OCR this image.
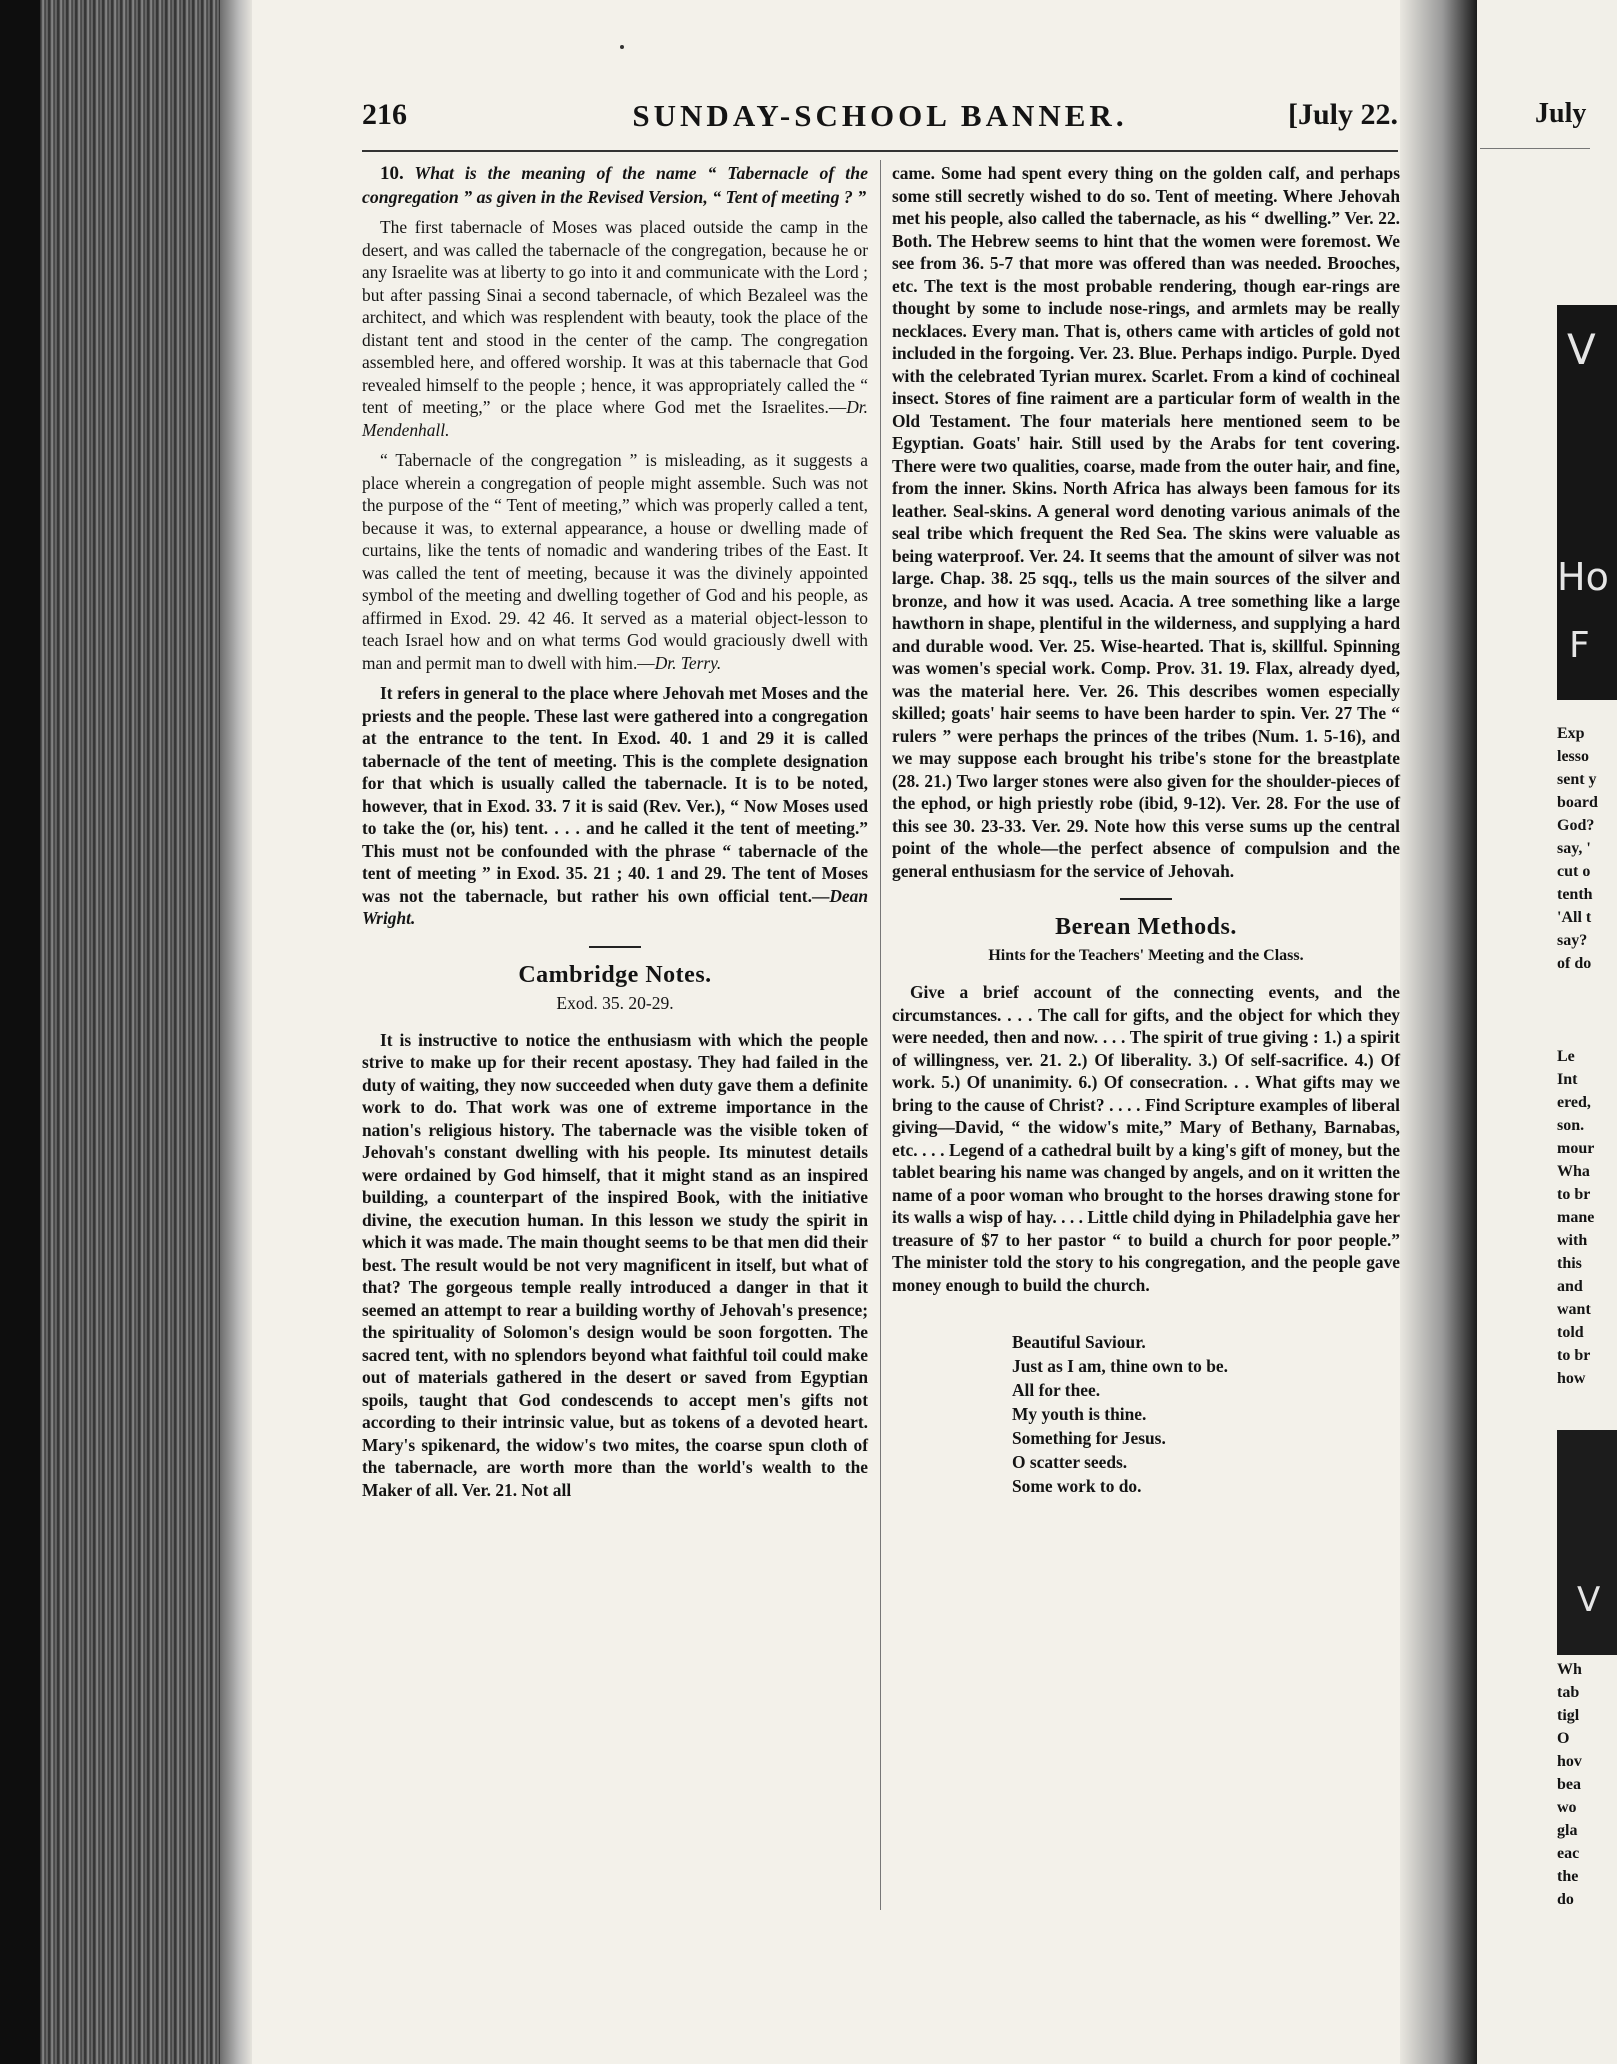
216	SUNDAY-SCHOOL BANNER.	[July 22.

10. What is the meaning of the name “ Tabernacle of the congregation ” as given in the Revised Version, “ Tent of meeting ? ”

The first tabernacle of Moses was placed outside the camp in the desert, and was called the tabernacle of the congregation, because he or any Israelite was at liberty to go into it and communicate with the Lord ; but after passing Sinai a second tabernacle, of which Bezaleel was the architect, and which was resplendent with beauty, took the place of the distant tent and stood in the center of the camp. The congregation assembled here, and offered worship. It was at this tabernacle that God revealed himself to the people ; hence, it was appropriately called the “ tent of meeting,” or the place where God met the Israelites.—Dr. Mendenhall.

“ Tabernacle of the congregation ” is misleading, as it suggests a place wherein a congregation of people might assemble. Such was not the purpose of the “ Tent of meeting,” which was properly called a tent, because it was, to external appearance, a house or dwelling made of curtains, like the tents of nomadic and wandering tribes of the East. It was called the tent of meeting, because it was the divinely appointed symbol of the meeting and dwelling together of God and his people, as affirmed in Exod. 29. 42 46. It served as a material object-lesson to teach Israel how and on what terms God would graciously dwell with man and permit man to dwell with him.—Dr. Terry.

It refers in general to the place where Jehovah met Moses and the priests and the people. These last were gathered into a congregation at the entrance to the tent. In Exod. 40. 1 and 29 it is called tabernacle of the tent of meeting. This is the complete designation for that which is usually called the tabernacle. It is to be noted, however, that in Exod. 33. 7 it is said (Rev. Ver.), “ Now Moses used to take the (or, his) tent. . . . and he called it the tent of meeting.” This must not be confounded with the phrase “ tabernacle of the tent of meeting ” in Exod. 35. 21 ; 40. 1 and 29. The tent of Moses was not the tabernacle, but rather his own official tent.—Dean Wright.

Cambridge Notes.
Exod. 35. 20-29.

It is instructive to notice the enthusiasm with which the people strive to make up for their recent apostasy. They had failed in the duty of waiting, they now succeeded when duty gave them a definite work to do. That work was one of extreme importance in the nation's religious history. The tabernacle was the visible token of Jehovah's constant dwelling with his people. Its minutest details were ordained by God himself, that it might stand as an inspired building, a counterpart of the inspired Book, with the initiative divine, the execution human. In this lesson we study the spirit in which it was made. The main thought seems to be that men did their best. The result would be not very magnificent in itself, but what of that? The gorgeous temple really introduced a danger in that it seemed an attempt to rear a building worthy of Jehovah's presence; the spirituality of Solomon's design would be soon forgotten. The sacred tent, with no splendors beyond what faithful toil could make out of materials gathered in the desert or saved from Egyptian spoils, taught that God condescends to accept men's gifts not according to their intrinsic value, but as tokens of a devoted heart. Mary's spikenard, the widow's two mites, the coarse spun cloth of the tabernacle, are worth more than the world's wealth to the Maker of all. Ver. 21. Not all

came. Some had spent every thing on the golden calf, and perhaps some still secretly wished to do so. Tent of meeting. Where Jehovah met his people, also called the tabernacle, as his “ dwelling.” Ver. 22. Both. The Hebrew seems to hint that the women were foremost. We see from 36. 5-7 that more was offered than was needed. Brooches, etc. The text is the most probable rendering, though ear-rings are thought by some to include nose-rings, and armlets may be really necklaces. Every man. That is, others came with articles of gold not included in the forgoing. Ver. 23. Blue. Perhaps indigo. Purple. Dyed with the celebrated Tyrian murex. Scarlet. From a kind of cochineal insect. Stores of fine raiment are a particular form of wealth in the Old Testament. The four materials here mentioned seem to be Egyptian. Goats' hair. Still used by the Arabs for tent covering. There were two qualities, coarse, made from the outer hair, and fine, from the inner. Skins. North Africa has always been famous for its leather. Seal-skins. A general word denoting various animals of the seal tribe which frequent the Red Sea. The skins were valuable as being waterproof. Ver. 24. It seems that the amount of silver was not large. Chap. 38. 25 sqq., tells us the main sources of the silver and bronze, and how it was used. Acacia. A tree something like a large hawthorn in shape, plentiful in the wilderness, and supplying a hard and durable wood. Ver. 25. Wise-hearted. That is, skillful. Spinning was women's special work. Comp. Prov. 31. 19. Flax, already dyed, was the material here. Ver. 26. This describes women especially skilled; goats' hair seems to have been harder to spin. Ver. 27 The “ rulers ” were perhaps the princes of the tribes (Num. 1. 5-16), and we may suppose each brought his tribe's stone for the breastplate (28. 21.) Two larger stones were also given for the shoulder-pieces of the ephod, or high priestly robe (ibid, 9-12). Ver. 28. For the use of this see 30. 23-33. Ver. 29. Note how this verse sums up the central point of the whole—the perfect absence of compulsion and the general enthusiasm for the service of Jehovah.

Berean Methods.
Hints for the Teachers' Meeting and the Class.

Give a brief account of the connecting events, and the circumstances. . . . The call for gifts, and the object for which they were needed, then and now. . . . The spirit of true giving : 1.) a spirit of willingness, ver. 21. 2.) Of liberality. 3.) Of self-sacrifice. 4.) Of work. 5.) Of unanimity. 6.) Of consecration. . . What gifts may we bring to the cause of Christ? . . . . Find Scripture examples of liberal giving—David, “ the widow's mite,” Mary of Bethany, Barnabas, etc. . . . Legend of a cathedral built by a king's gift of money, but the tablet bearing his name was changed by angels, and on it written the name of a poor woman who brought to the horses drawing stone for its walls a wisp of hay. . . . Little child dying in Philadelphia gave her treasure of $7 to her pastor “ to build a church for poor people.” The minister told the story to his congregation, and the people gave money enough to build the church.

Beautiful Saviour.
Just as I am, thine own to be.
All for thee.
My youth is thine.
Something for Jesus.
O scatter seeds.
Some work to do.
July
V
Ho
F
V
Exp
lesso
sent y
board
God?
say, '
cut o
tenth
'All t
say?
of do
Le
Int
ered,
son.
mour
Wha
to br
mane
with
this
and
want
told
to br
how
Wh
tab
tigl
O
hov
bea
wo
gla
eac
the
do
